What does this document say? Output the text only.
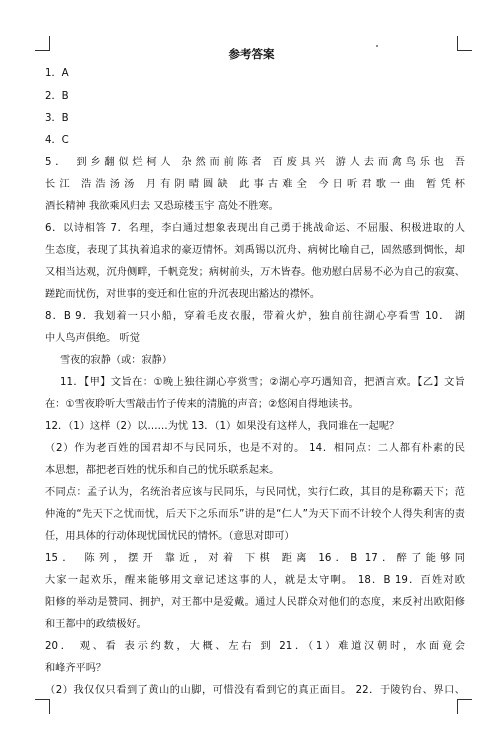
参考答案
1．A
2．B
3．B
4．C
5． 到乡翻似烂柯人 杂然而前陈者 百废具兴 游人去而禽鸟乐也 吾
长江 浩浩汤汤 月有阴晴圆缺 此事古难全 今日听君歌一曲 暂凭杯
酒长精神 我欲乘风归去 又恐琼楼玉宇 高处不胜寒。
6．以诗相答 7．名理，李白通过想象表现出自己勇于挑战命运、不屈服、积极进取的人
生态度，表现了其执着追求的豪迈情怀。刘禹锡以沉舟、病树比喻自己，固然感到惆怅，却
又相当达观，沉舟侧畔，千帆竞发；病树前头，万木皆春。他劝慰白居易不必为自己的寂寞、
蹉跎而忧伤，对世事的变迁和仕宦的升沉表现出豁达的襟怀。
8．B 9．我划着一只小船，穿着毛皮衣服，带着火炉，独自前往湖心亭看雪 10． 湖
中人鸟声俱绝。 听觉
雪夜的寂静（或：寂静）
11．【甲】文旨在：①晚上独往湖心亭赏雪；②湖心亭巧遇知音，把酒言欢。【乙】文旨
在：①雪夜聆听大雪敲击竹子传来的清脆的声音；②悠闲自得地读书。
12．（1）这样（2）以……为忧 13．（1）如果没有这样人，我同谁在一起呢？
（2）作为老百姓的国君却不与民同乐，也是不对的。 14．相同点：二人都有朴素的民
本思想，都把老百姓的忧乐和自己的忧乐联系起来。
不同点：孟子认为，名统治者应该与民同乐，与民同忧，实行仁政，其目的是称霸天下；范
仲淹的“先天下之忧而忧，后天下之乐而乐”讲的是“仁人”为天下而不计较个人得失利害的责
任，用具体的行动体现忧国忧民的情怀。（意思对即可）
15． 陈列，摆开 靠近，对着 下棋 距离 16．B 17．醉了能够同
大家一起欢乐，醒来能够用文章记述这事的人，就是太守啊。 18．B 19．百姓对欧
阳修的举动是赞同、拥护，对王都中是爱戴。通过人民群众对他们的态度，来反衬出欧阳修
和王都中的政绩极好。
20． 观、看 表示约数，大概、左右 到 21．（1）难道汉朝时，水面竟会
和峰齐平吗？
（2）我仅仅只看到了黄山的山脚，可惜没有看到它的真正面目。 22．于陵钓台、界口、
